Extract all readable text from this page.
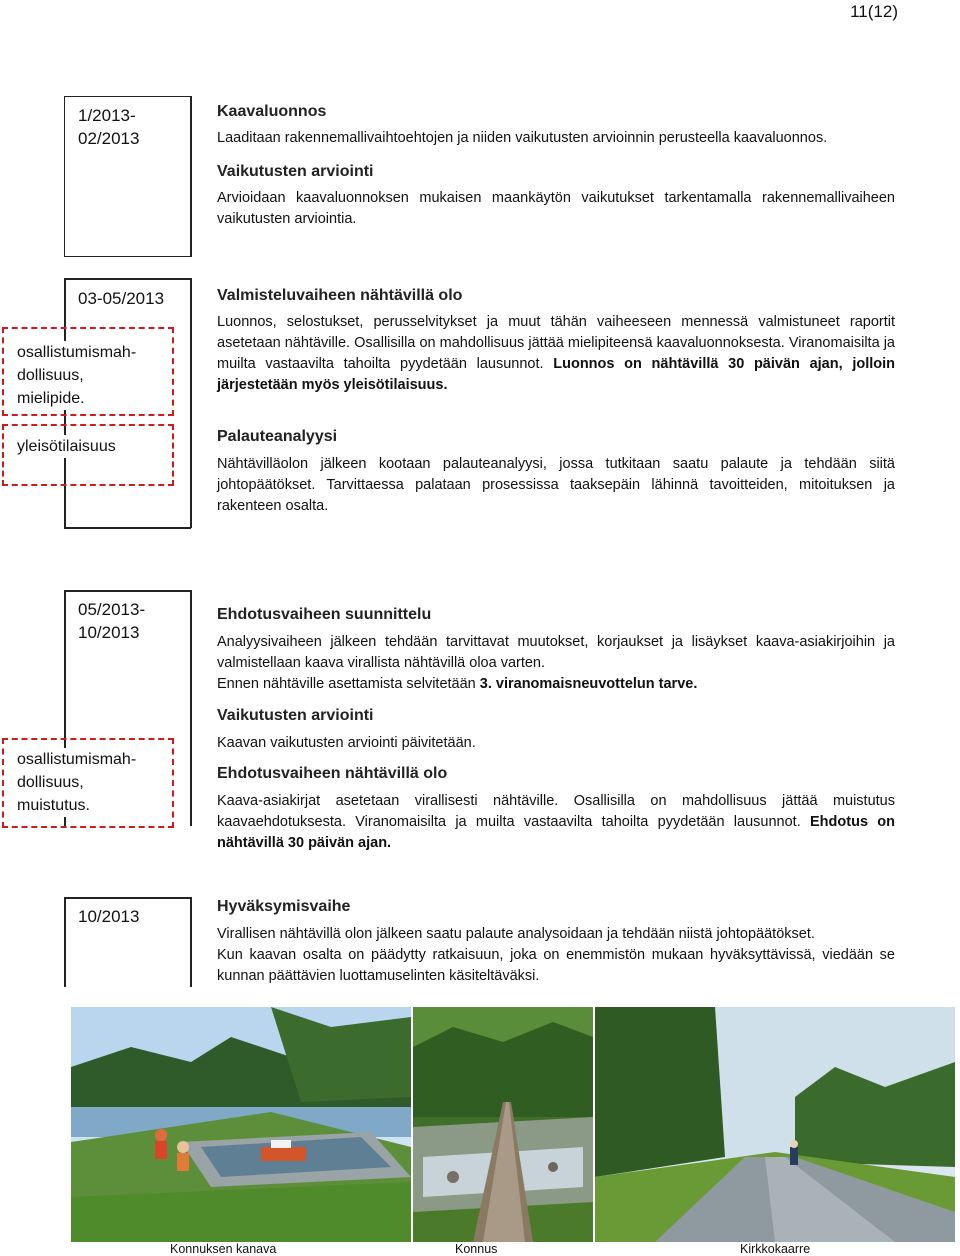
11(12)
1/2013-
02/2013
Kaavaluonnos
Laaditaan rakennemallivaihtoehtojen ja niiden vaikutusten arvioinnin perusteella kaavaluonnos.
Vaikutusten arviointi
Arvioidaan kaavaluonnoksen mukaisen maankäytön vaikutukset tarkentamalla rakennemallivaiheen vaikutusten arviointia.
03-05/2013
osallistumismah-
dollisuus,
mielipide.
yleisötilaisuus
Valmisteluvaiheen nähtävillä olo
Luonnos, selostukset, perusselvitykset ja muut tähän vaiheeseen mennessä valmistuneet raportit asetetaan nähtäville. Osallisilla on mahdollisuus jättää mielipiteensä kaavaluonnoksesta. Viranomaisilta ja muilta vastaavilta tahoilta pyydetään lausunnot. Luonnos on nähtävillä 30 päivän ajan, jolloin järjestetään myös yleisötilaisuus.
Palauteanalyysi
Nähtävilläolon jälkeen kootaan palauteanalyysi, jossa tutkitaan saatu palaute ja tehdään siitä johtopäätökset. Tarvittaessa palataan prosessissa taaksepäin lähinnä tavoitteiden, mitoituksen ja rakenteen osalta.
05/2013-
10/2013
osallistumismah-
dollisuus,
muistutus.
Ehdotusvaiheen suunnittelu
Analyysivaiheen jälkeen tehdään tarvittavat muutokset, korjaukset ja lisäykset kaava-asiakirjoihin ja valmistellaan kaava virallista nähtävillä oloa varten.
Ennen nähtäville asettamista selvitetään 3. viranomaisneuvottelun tarve.
Vaikutusten arviointi
Kaavan vaikutusten arviointi päivitetään.
Ehdotusvaiheen nähtävillä olo
Kaava-asiakirjat asetetaan virallisesti nähtäville. Osallisilla on mahdollisuus jättää muistutus kaavaehdotuksesta. Viranomaisilta ja muilta vastaavilta tahoilta pyydetään lausunnot. Ehdotus on nähtävillä 30 päivän ajan.
10/2013
Hyväksymisvaihe
Virallisen nähtävillä olon jälkeen saatu palaute analysoidaan ja tehdään niistä johtopäätökset.
Kun kaavan osalta on päädytty ratkaisuun, joka on enemmistön mukaan hyväksyttävissä, viedään se kunnan päättävien luottamuselinten käsiteltäväksi.
Konnuksen kanava	Konnus	Kirkkokaarre
